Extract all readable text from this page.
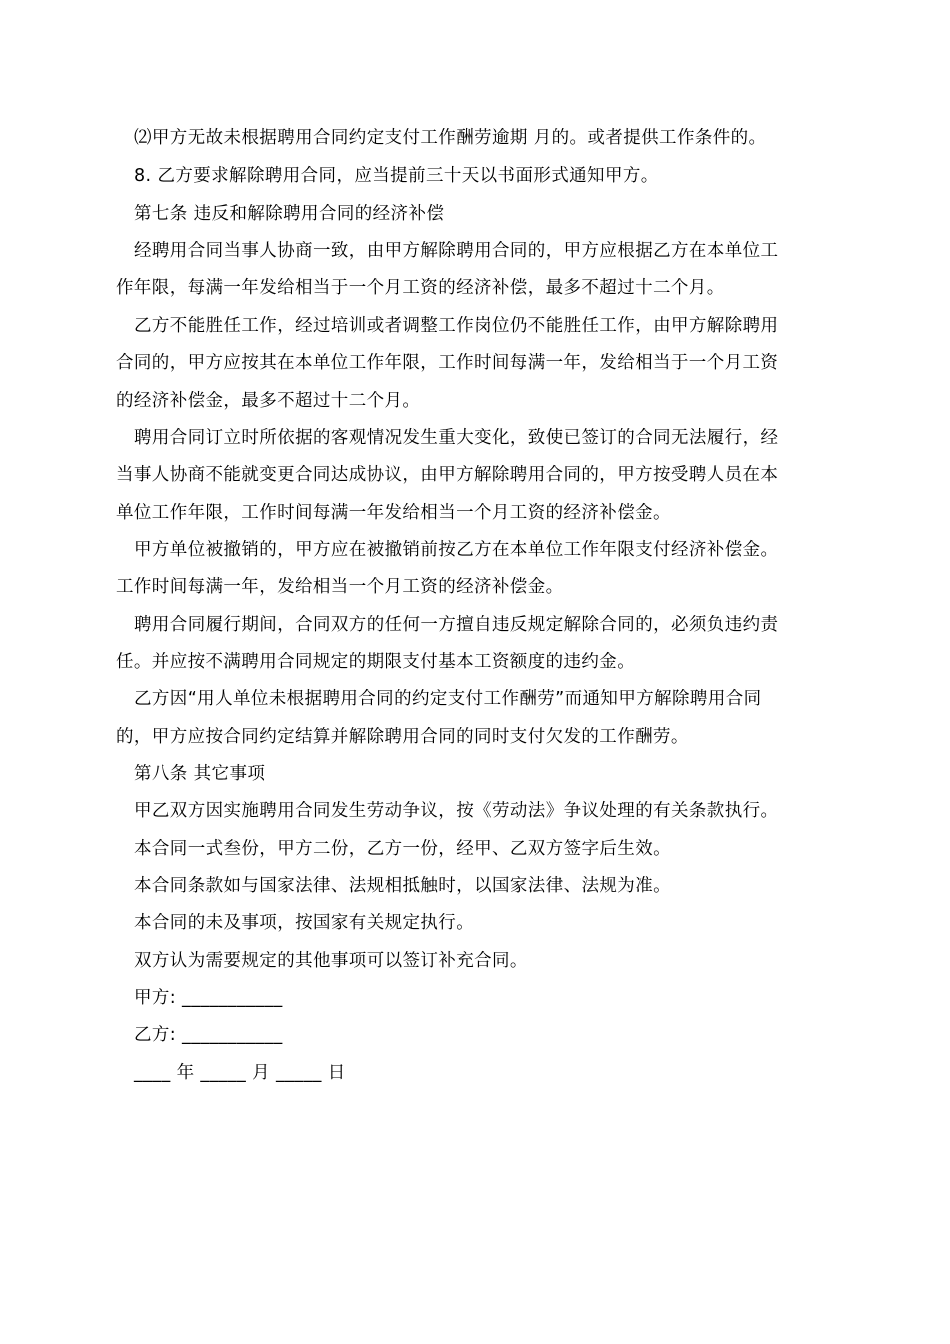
⑵甲方无故未根据聘用合同约定支付工作酬劳逾期 月的。或者提供工作条件的。
8. 乙方要求解除聘用合同，应当提前三十天以书面形式通知甲方。
第七条 违反和解除聘用合同的经济补偿
经聘用合同当事人协商一致，由甲方解除聘用合同的，甲方应根据乙方在本单位工
作年限，每满一年发给相当于一个月工资的经济补偿，最多不超过十二个月。
乙方不能胜任工作，经过培训或者调整工作岗位仍不能胜任工作，由甲方解除聘用
合同的，甲方应按其在本单位工作年限，工作时间每满一年，发给相当于一个月工资
的经济补偿金，最多不超过十二个月。
聘用合同订立时所依据的客观情况发生重大变化，致使已签订的合同无法履行，经
当事人协商不能就变更合同达成协议，由甲方解除聘用合同的，甲方按受聘人员在本
单位工作年限，工作时间每满一年发给相当一个月工资的经济补偿金。
甲方单位被撤销的，甲方应在被撤销前按乙方在本单位工作年限支付经济补偿金。
工作时间每满一年，发给相当一个月工资的经济补偿金。
聘用合同履行期间，合同双方的任何一方擅自违反规定解除合同的，必须负违约责
任。并应按不满聘用合同规定的期限支付基本工资额度的违约金。
乙方因“用人单位未根据聘用合同的约定支付工作酬劳”而通知甲方解除聘用合同
的，甲方应按合同约定结算并解除聘用合同的同时支付欠发的工作酬劳。
第八条 其它事项
甲乙双方因实施聘用合同发生劳动争议，按《劳动法》争议处理的有关条款执行。
本合同一式叁份，甲方二份，乙方一份，经甲、乙双方签字后生效。
本合同条款如与国家法律、法规相抵触时，以国家法律、法规为准。
本合同的未及事项，按国家有关规定执行。
双方认为需要规定的其他事项可以签订补充合同。
甲方: ___________
乙方: ___________
____ 年 _____ 月 _____ 日
